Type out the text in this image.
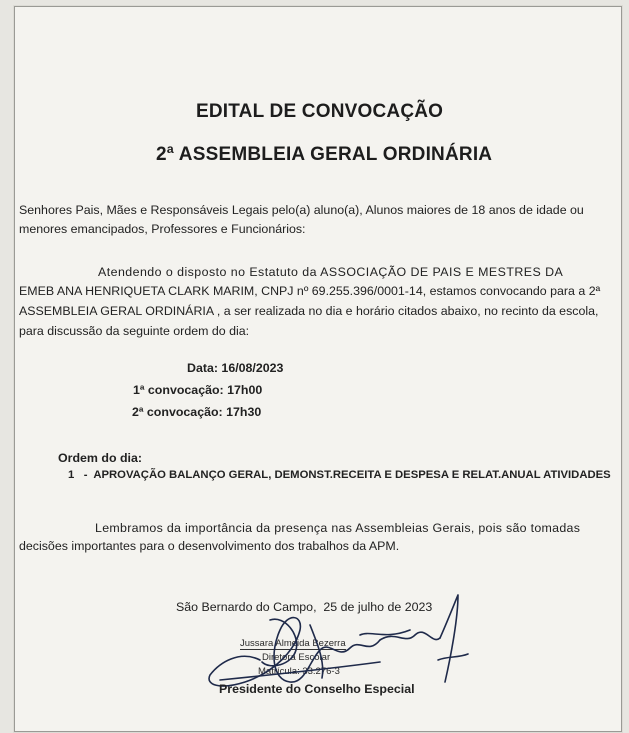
EDITAL DE CONVOCAÇÃO
2ª ASSEMBLEIA GERAL ORDINÁRIA
Senhores Pais, Mães e Responsáveis Legais pelo(a) aluno(a), Alunos maiores de 18 anos de idade ou
menores emancipados, Professores e Funcionários:
Atendendo o disposto no Estatuto da ASSOCIAÇÃO DE PAIS E MESTRES DA
EMEB ANA HENRIQUETA CLARK MARIM, CNPJ nº 69.255.396/0001-14, estamos convocando para a 2ª
ASSEMBLEIA GERAL ORDINÁRIA , a ser realizada no dia e horário citados abaixo, no recinto da escola,
para discussão da seguinte ordem do dia:
Data: 16/08/2023
1ª convocação: 17h00
2ª convocação: 17h30
Ordem do dia:
1   -  APROVAÇÃO BALANÇO GERAL, DEMONST.RECEITA E DESPESA E RELAT.ANUAL ATIVIDADES
Lembramos da importância da presença nas Assembleias Gerais, pois são tomadas
decisões importantes para o desenvolvimento dos trabalhos da APM.
São Bernardo do Campo,  25 de julho de 2023
Jussara Almeida Bezerra
Diretora Escolar
Matrícula: 33.276-3
Presidente do Conselho Especial
